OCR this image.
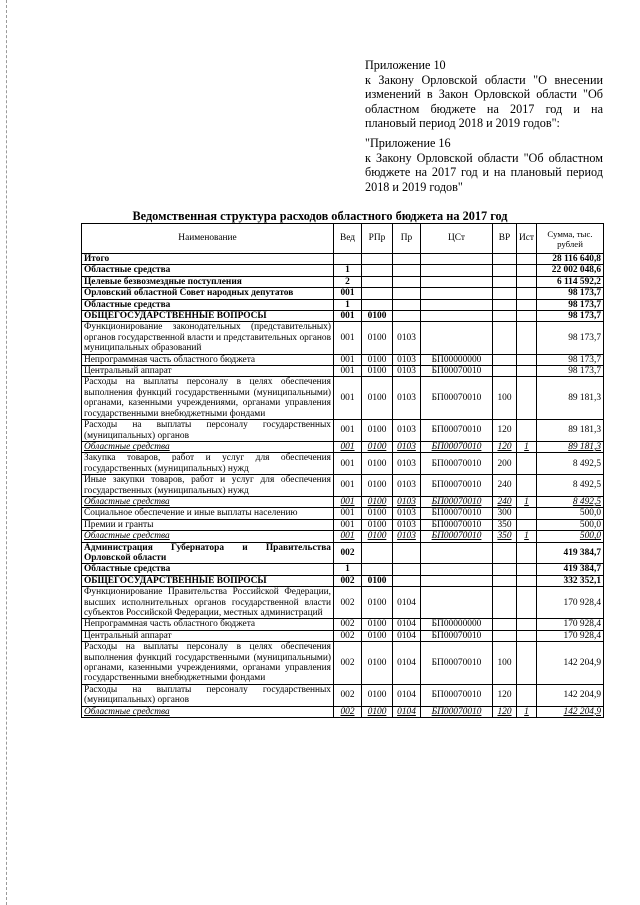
Приложение 10

к Закону Орловской области "О внесении изменений в Закон Орловской области "Об областном бюджете на 2017 год и на плановый период 2018 и 2019 годов":

"Приложение 16

к Закону Орловской области "Об областном бюджете на 2017 год и на плановый период 2018 и 2019 годов"

Ведомственная структура расходов областного бюджета на 2017 год
Наименование	Вед	РПр	Пр	ЦСт	ВР	Ист	Сумма, тыс. рублей
Итого							28 116 640,8
Областные средства	1						22 002 048,6
Целевые безвозмездные поступления	2						6 114 592,2
Орловский областной Совет народных депутатов	001						98 173,7
Областные средства	1						98 173,7
ОБЩЕГОСУДАРСТВЕННЫЕ ВОПРОСЫ	001	0100					98 173,7
Функционирование законодательных (представительных) органов государственной власти и представительных органов муниципальных образований	001	0100	0103				98 173,7
Непрограммная часть областного бюджета	001	0100	0103	БП00000000			98 173,7
Центральный аппарат	001	0100	0103	БП00070010			98 173,7
Расходы на выплаты персоналу в целях обеспечения выполнения функций государственными (муниципальными) органами, казенными учреждениями, органами управления государственными внебюджетными фондами	001	0100	0103	БП00070010	100		89 181,3
Расходы на выплаты персоналу государственных (муниципальных) органов	001	0100	0103	БП00070010	120		89 181,3
Областные средства	001	0100	0103	БП00070010	120	1	89 181,3
Закупка товаров, работ и услуг для обеспечения государственных (муниципальных) нужд	001	0100	0103	БП00070010	200		8 492,5
Иные закупки товаров, работ и услуг для обеспечения государственных (муниципальных) нужд	001	0100	0103	БП00070010	240		8 492,5
Областные средства	001	0100	0103	БП00070010	240	1	8 492,5
Социальное обеспечение и иные выплаты населению	001	0100	0103	БП00070010	300		500,0
Премии и гранты	001	0100	0103	БП00070010	350		500,0
Областные средства	001	0100	0103	БП00070010	350	1	500,0
Администрация Губернатора и Правительства Орловской области	002						419 384,7
Областные средства	1						419 384,7
ОБЩЕГОСУДАРСТВЕННЫЕ ВОПРОСЫ	002	0100					332 352,1
Функционирование Правительства Российской Федерации, высших исполнительных органов государственной власти субъектов Российской Федерации, местных администраций	002	0100	0104				170 928,4
Непрограммная часть областного бюджета	002	0100	0104	БП00000000			170 928,4
Центральный аппарат	002	0100	0104	БП00070010			170 928,4
Расходы на выплаты персоналу в целях обеспечения выполнения функций государственными (муниципальными) органами, казенными учреждениями, органами управления государственными внебюджетными фондами	002	0100	0104	БП00070010	100		142 204,9
Расходы на выплаты персоналу государственных (муниципальных) органов	002	0100	0104	БП00070010	120		142 204,9
Областные средства	002	0100	0104	БП00070010	120	1	142 204,9
